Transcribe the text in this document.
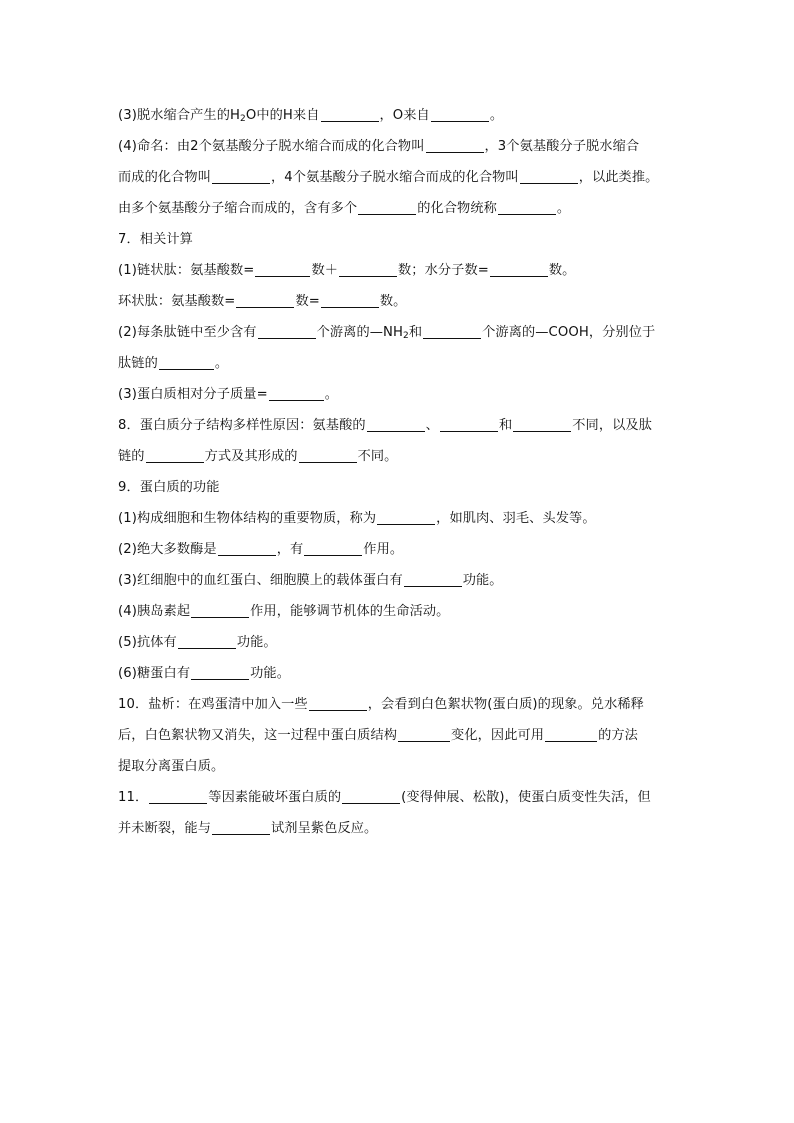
(3)脱水缩合产生的$H_2O$中的H来自	，O来自	。
(4)命名：由2个氨基酸分子脱水缩合而成的化合物叫	，3个氨基酸分子脱水缩合
而成的化合物叫	，4个氨基酸分子脱水缩合而成的化合物叫	，以此类推。
由多个氨基酸分子缩合而成的，含有多个	的化合物统称	。
7．相关计算
(1)链状肽：氨基酸数=	数＋	数；水分子数=	数。
环状肽：氨基酸数=	数=	数。
(2)每条肽链中至少含有	个游离的$—NH_2$和	个游离的—COOH，分别位于
肽链的	。
(3)蛋白质相对分子质量=	。
8．蛋白质分子结构多样性原因：氨基酸的	、	和	不同，以及肽
链的	方式及其形成的	不同。
9．蛋白质的功能
(1)构成细胞和生物体结构的重要物质，称为	，如肌肉、羽毛、头发等。
(2)绝大多数酶是	，有	作用。
(3)红细胞中的血红蛋白、细胞膜上的载体蛋白有	功能。
(4)胰岛素起	作用，能够调节机体的生命活动。
(5)抗体有	功能。
(6)糖蛋白有	功能。
10．盐析：在鸡蛋清中加入一些	，会看到白色絮状物(蛋白质)的现象。兑水稀释
后，白色絮状物又消失，这一过程中蛋白质结构	变化，因此可用	的方法
提取分离蛋白质。
11．	等因素能破坏蛋白质的	(变得伸展、松散)，使蛋白质变性失活，但
并未断裂，能与	试剂呈紫色反应。
